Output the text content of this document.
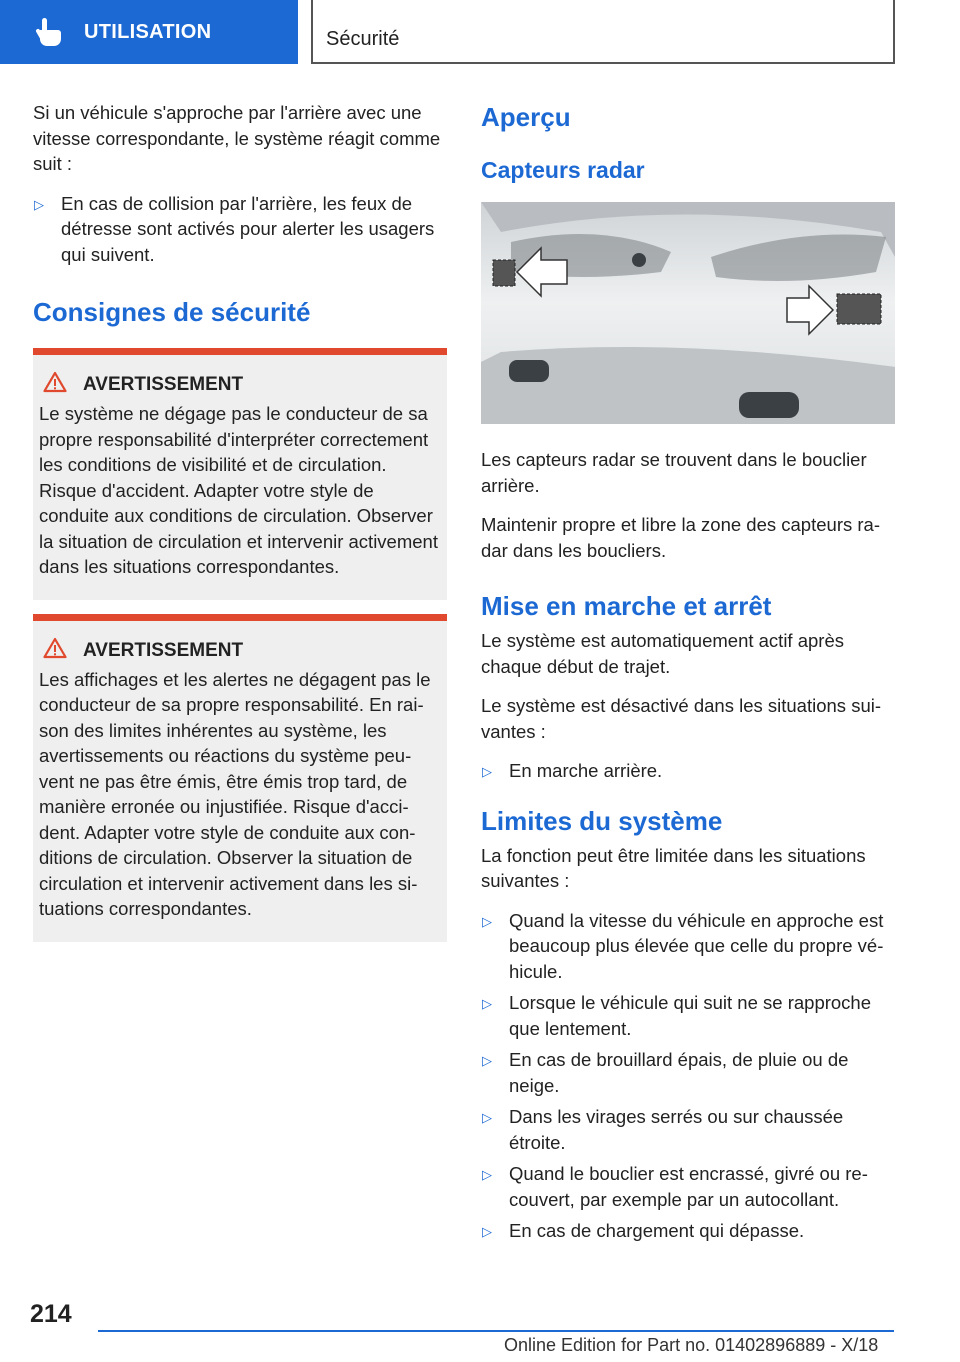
UTILISATION	Sécurité

Si un véhicule s'approche par l'arrière avec une vitesse correspondante, le système réagit comme suit :

▷ En cas de collision par l'arrière, les feux de détresse sont activés pour alerter les usagers qui suivent.
Consignes de sécurité
AVERTISSEMENT
Le système ne dégage pas le conducteur de sa propre responsabilité d'interpréter correctement les conditions de visibilité et de circulation. Risque d'accident. Adapter votre style de conduite aux conditions de circulation. Observer la situation de circulation et intervenir activement dans les situations correspondantes.
AVERTISSEMENT
Les affichages et les alertes ne dégagent pas le conducteur de sa propre responsabilité. En raison des limites inhérentes au système, les avertissements ou réactions du système peuvent ne pas être émis, être émis trop tard, de manière erronée ou injustifiée. Risque d'accident. Adapter votre style de conduite aux conditions de circulation. Observer la situation de circulation et intervenir activement dans les situations correspondantes.
Aperçu
Capteurs radar

Les capteurs radar se trouvent dans le bouclier arrière.

Maintenir propre et libre la zone des capteurs radar dans les boucliers.

Mise en marche et arrêt

Le système est automatiquement actif après chaque début de trajet.

Le système est désactivé dans les situations suivantes :

▷ En marche arrière.
Limites du système

La fonction peut être limitée dans les situations suivantes :

▷ Quand la vitesse du véhicule en approche est beaucoup plus élevée que celle du propre véhicule.
▷ Lorsque le véhicule qui suit ne se rapproche que lentement.
▷ En cas de brouillard épais, de pluie ou de neige.
▷ Dans les virages serrés ou sur chaussée étroite.
▷ Quand le bouclier est encrassé, givré ou recouvert, par exemple par un autocollant.
▷ En cas de chargement qui dépasse.
214
Online Edition for Part no. 01402896889 - X/18
